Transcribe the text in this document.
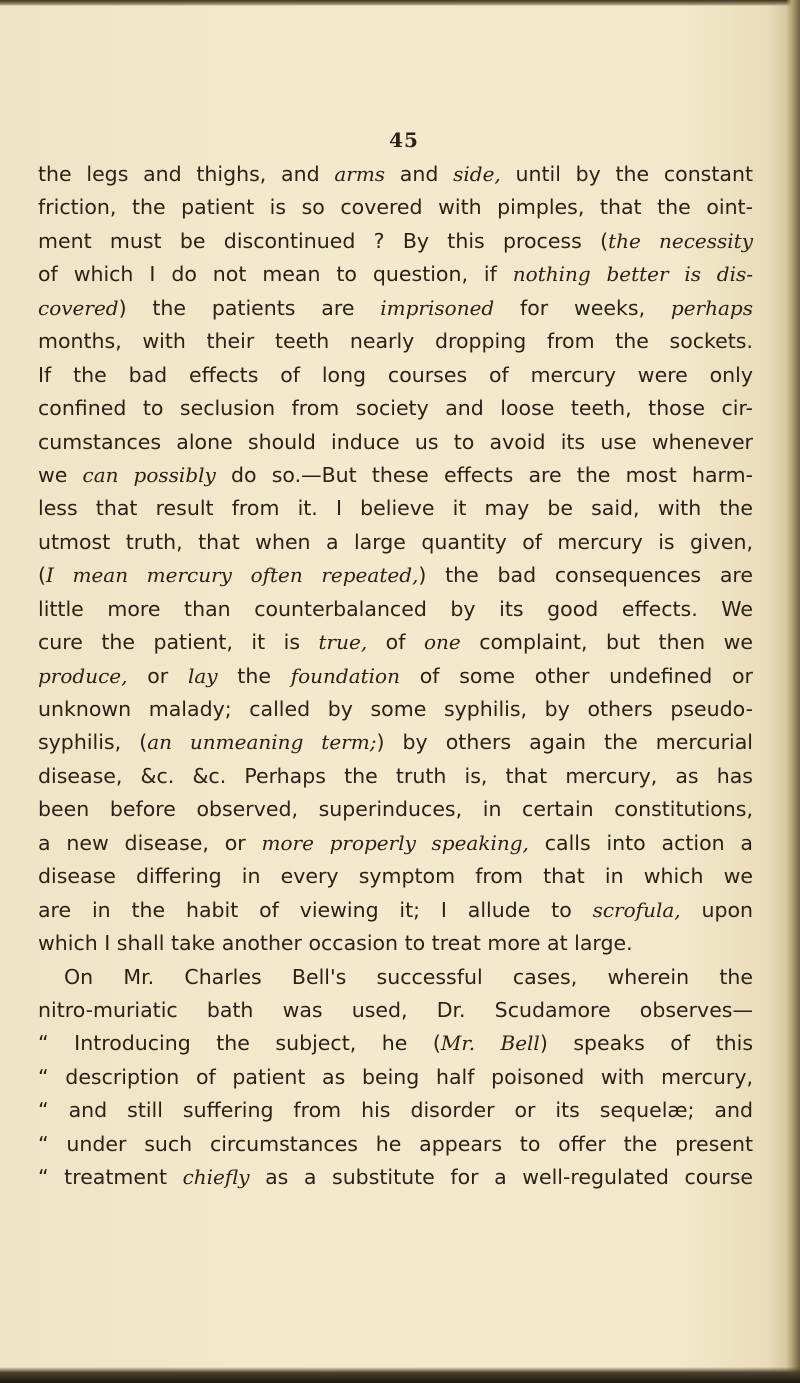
45
the legs and thighs, and arms and side, until by the constant
friction, the patient is so covered with pimples, that the oint-
ment must be discontinued ? By this process (the necessity
of which I do not mean to question, if nothing better is dis-
covered) the patients are imprisoned for weeks, perhaps
months, with their teeth nearly dropping from the sockets.
If the bad effects of long courses of mercury were only
confined to seclusion from society and loose teeth, those cir-
cumstances alone should induce us to avoid its use whenever
we can possibly do so.—But these effects are the most harm-
less that result from it. I believe it may be said, with the
utmost truth, that when a large quantity of mercury is given,
(I mean mercury often repeated,) the bad consequences are
little more than counterbalanced by its good effects. We
cure the patient, it is true, of one complaint, but then we
produce, or lay the foundation of some other undefined or
unknown malady; called by some syphilis, by others pseudo-
syphilis, (an unmeaning term;) by others again the mercurial
disease, &c. &c. Perhaps the truth is, that mercury, as has
been before observed, superinduces, in certain constitutions,
a new disease, or more properly speaking, calls into action a
disease differing in every symptom from that in which we
are in the habit of viewing it; I allude to scrofula, upon
which I shall take another occasion to treat more at large.
On Mr. Charles Bell's successful cases, wherein the
nitro-muriatic bath was used, Dr. Scudamore observes—
“ Introducing the subject, he (Mr. Bell) speaks of this
“ description of patient as being half poisoned with mercury,
“ and still suffering from his disorder or its sequelæ; and
“ under such circumstances he appears to offer the present
“ treatment chiefly as a substitute for a well-regulated course
